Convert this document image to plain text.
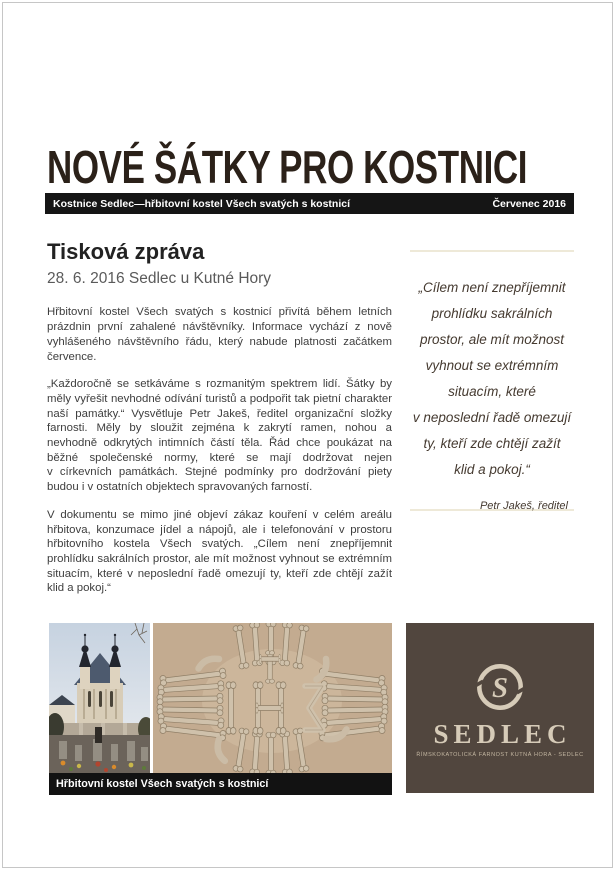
NOVÉ ŠÁTKY PRO KOSTNICI
Kostnice Sedlec—hřbitovní kostel Všech svatých s kostnicí	Červenec 2016
Tisková zpráva
28. 6. 2016 Sedlec u Kutné Hory

Hřbitovní kostel Všech svatých s kostnicí přivítá během letních prázdnin první zahalené návštěvníky. Informace vychází z nově vyhlášeného návštěvního řádu, který nabude platnosti začátkem července.

„Každoročně se setkáváme s rozmanitým spektrem lidí. Šátky by měly vyřešit nevhodné odívání turistů a podpořit tak pietní charakter naší památky.“ Vysvětluje Petr Jakeš, ředitel organizační složky farnosti. Měly by sloužit zejména k zakrytí ramen, nohou a nevhodně odkrytých intimních částí těla. Řád chce poukázat na běžné společenské normy, které se mají dodržovat nejen v církevních památkách. Stejné podmínky pro dodržování piety budou i v ostatních objektech spravovaných farností.

V dokumentu se mimo jiné objeví zákaz kouření v celém areálu hřbitova, konzumace jídel a nápojů, ale i telefonování v prostoru hřbitovního kostela Všech svatých. „Cílem není znepříjemnit prohlídku sakrálních prostor, ale mít možnost vyhnout se extrémním situacím, které v neposlední řadě omezují ty, kteří zde chtějí zažít klid a pokoj.“

„Cílem není znepříjemnit prohlídku sakrálních prostor, ale mít možnost vyhnout se extrémním situacím, které v neposlední řadě omezují ty, kteří zde chtějí zažít klid a pokoj.“
Petr Jakeš, ředitel
Hřbitovní kostel Všech svatých s kostnicí
S
SEDLEC
ŘÍMSKOKATOLICKÁ FARNOST KUTNÁ HORA - SEDLEC
